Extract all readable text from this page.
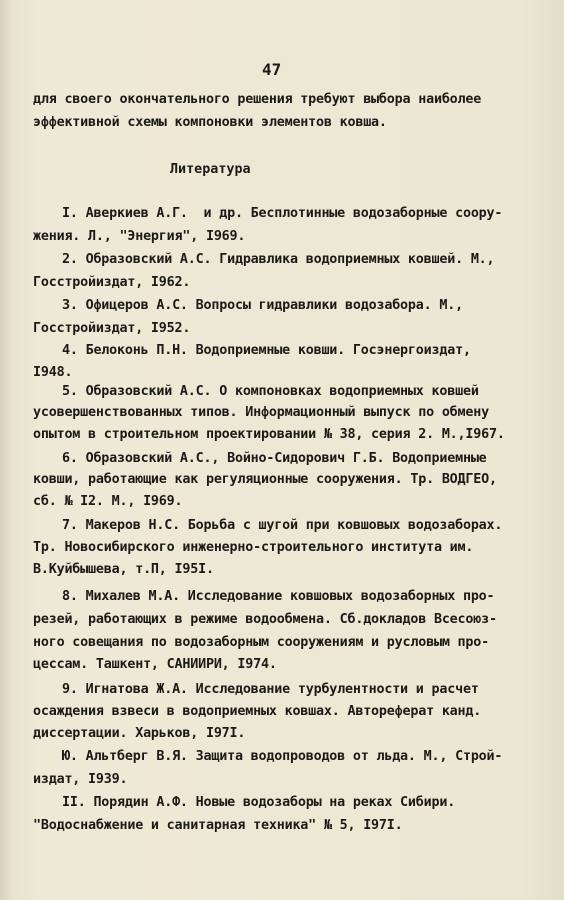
47
для своего окончательного решения требуют выбора наиболее
эффективной схемы компоновки элементов ковша.
Литература
I. Аверкиев А.Г.  и др. Бесплотинные водозаборные соору-
жения. Л., "Энергия", I969.
2. Образовский А.С. Гидравлика водоприемных ковшей. М.,
Госстройиздат, I962.
3. Офицеров А.С. Вопросы гидравлики водозабора. М.,
Госстройиздат, I952.
4. Белоконь П.Н. Водоприемные ковши. Госэнергоиздат,
I948.
5. Образовский А.С. О компоновках водоприемных ковшей
усовершенствованных типов. Информационный выпуск по обмену
опытом в строительном проектировании № 38, серия 2. М.,I967.
6. Образовский А.С., Войно-Сидорович Г.Б. Водоприемные
ковши, работающие как регуляционные сооружения. Тр. ВОДГЕО,
сб. № I2. М., I969.
7. Макеров Н.С. Борьба с шугой при ковшовых водозаборах.
Тр. Новосибирского инженерно-строительного института им.
В.Куйбышева, т.П, I95I.
8. Михалев М.А. Исследование ковшовых водозаборных про-
резей, работающих в режиме водообмена. Сб.докладов Всесоюз-
ного совещания по водозаборным сооружениям и русловым про-
цессам. Ташкент, САНИИРИ, I974.
9. Игнатова Ж.А. Исследование турбулентности и расчет
осаждения взвеси в водоприемных ковшах. Автореферат канд.
диссертации. Харьков, I97I.
Ю. Альтберг В.Я. Защита водопроводов от льда. М., Строй-
издат, I939.
II. Порядин А.Ф. Новые водозаборы на реках Сибири.
"Водоснабжение и санитарная техника" № 5, I97I.
